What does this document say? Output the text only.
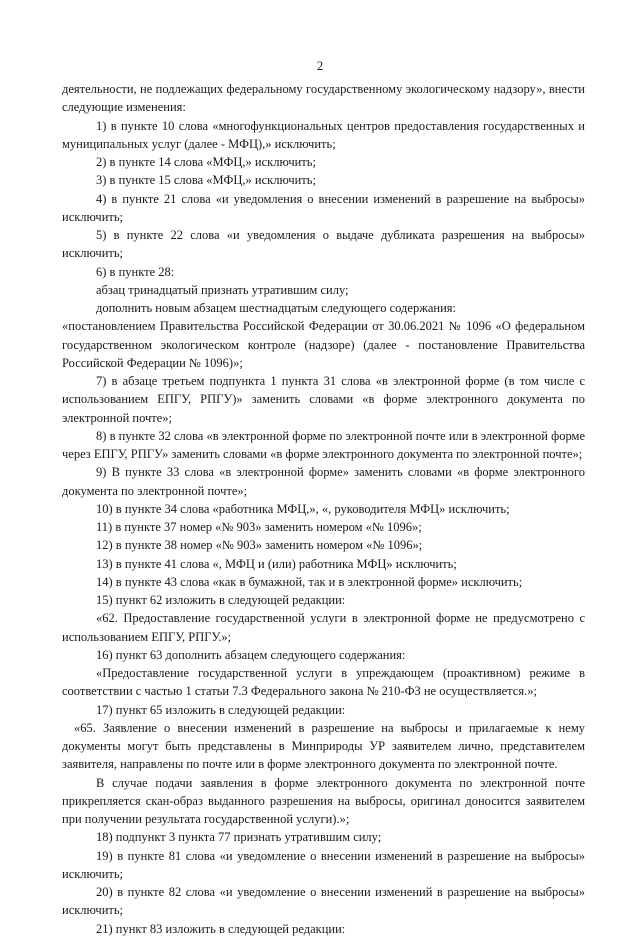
2

деятельности, не подлежащих федеральному государственному экологическому надзору», внести следующие изменения:

1) в пункте 10 слова «многофункциональных центров предоставления государственных и муниципальных услуг (далее - МФЦ),» исключить;

2) в пункте 14 слова «МФЦ,» исключить;

3) в пункте 15 слова «МФЦ,» исключить;

4) в пункте 21 слова «и уведомления о внесении изменений в разрешение на выбросы» исключить;

5) в пункте 22 слова «и уведомления о выдаче дубликата разрешения на выбросы» исключить;

6) в пункте 28:

абзац тринадцатый признать утратившим силу;

дополнить новым абзацем шестнадцатым следующего содержания:

«постановлением Правительства Российской Федерации от 30.06.2021 № 1096 «О федеральном государственном экологическом контроле (надзоре) (далее - постановление Правительства Российской Федерации № 1096)»;

7) в абзаце третьем подпункта 1 пункта 31 слова «в электронной форме (в том числе с использованием ЕПГУ, РПГУ)» заменить словами «в форме электронного документа по электронной почте»;

8) в пункте 32 слова «в электронной форме по электронной почте или в электронной форме через ЕПГУ, РПГУ» заменить словами «в форме электронного документа по электронной почте»;

9) В пункте 33 слова «в электронной форме» заменить словами «в форме электронного документа по электронной почте»;

10) в пункте 34 слова «работника МФЦ,», «, руководителя МФЦ» исключить;

11) в пункте 37 номер «№ 903» заменить номером «№ 1096»;

12) в пункте 38 номер «№ 903» заменить номером «№ 1096»;

13) в пункте 41 слова «, МФЦ и (или) работника МФЦ» исключить;

14) в пункте 43 слова «как в бумажной, так и в электронной форме» исключить;

15) пункт 62 изложить в следующей редакции:

«62. Предоставление государственной услуги в электронной форме не предусмотрено с использованием ЕПГУ, РПГУ.»;

16) пункт 63 дополнить абзацем следующего содержания:

«Предоставление государственной услуги в упреждающем (проактивном) режиме в соответствии с частью 1 статьи 7.3 Федерального закона № 210-ФЗ не осуществляется.»;

17) пункт 65 изложить в следующей редакции:

«65. Заявление о внесении изменений в разрешение на выбросы и прилагаемые к нему документы могут быть представлены в Минприроды УР заявителем лично, представителем заявителя, направлены по почте или в форме электронного документа по электронной почте.

В случае подачи заявления в форме электронного документа по электронной почте прикрепляется скан-образ выданного разрешения на выбросы, оригинал доносится заявителем при получении результата государственной услуги).»;

18) подпункт 3 пункта 77 признать утратившим силу;

19) в пункте 81 слова «и уведомление о внесении изменений в разрешение на выбросы» исключить;

20) в пункте 82 слова «и уведомление о внесении изменений в разрешение на выбросы» исключить;

21) пункт 83 изложить в следующей редакции:
